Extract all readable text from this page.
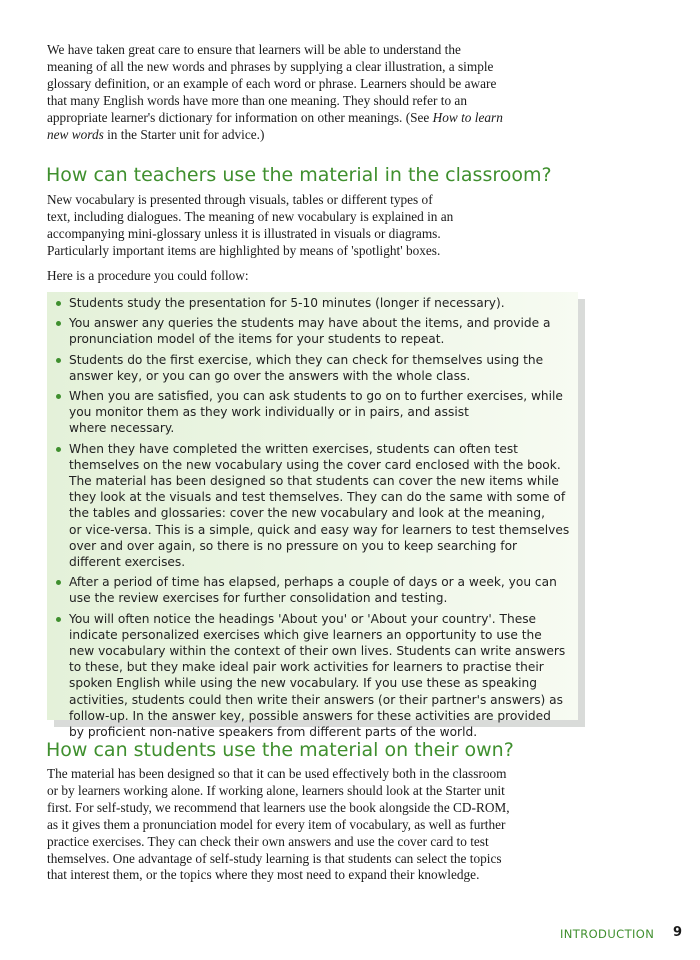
We have taken great care to ensure that learners will be able to understand the
meaning of all the new words and phrases by supplying a clear illustration, a simple
glossary definition, or an example of each word or phrase. Learners should be aware
that many English words have more than one meaning. They should refer to an
appropriate learner's dictionary for information on other meanings. (See How to learn
new words in the Starter unit for advice.)
How can teachers use the material in the classroom?
New vocabulary is presented through visuals, tables or different types of
text, including dialogues. The meaning of new vocabulary is explained in an
accompanying mini-glossary unless it is illustrated in visuals or diagrams.
Particularly important items are highlighted by means of 'spotlight' boxes.
Here is a procedure you could follow:
Students study the presentation for 5-10 minutes (longer if necessary).
You answer any queries the students may have about the items, and provide a
pronunciation model of the items for your students to repeat.
Students do the first exercise, which they can check for themselves using the
answer key, or you can go over the answers with the whole class.
When you are satisfied, you can ask students to go on to further exercises, while
you monitor them as they work individually or in pairs, and assist
where necessary.
When they have completed the written exercises, students can often test
themselves on the new vocabulary using the cover card enclosed with the book.
The material has been designed so that students can cover the new items while
they look at the visuals and test themselves. They can do the same with some of
the tables and glossaries: cover the new vocabulary and look at the meaning,
or vice-versa. This is a simple, quick and easy way for learners to test themselves
over and over again, so there is no pressure on you to keep searching for
different exercises.
After a period of time has elapsed, perhaps a couple of days or a week, you can
use the review exercises for further consolidation and testing.
You will often notice the headings 'About you' or 'About your country'. These
indicate personalized exercises which give learners an opportunity to use the
new vocabulary within the context of their own lives. Students can write answers
to these, but they make ideal pair work activities for learners to practise their
spoken English while using the new vocabulary. If you use these as speaking
activities, students could then write their answers (or their partner's answers) as
follow-up. In the answer key, possible answers for these activities are provided
by proficient non-native speakers from different parts of the world.
How can students use the material on their own?
The material has been designed so that it can be used effectively both in the classroom
or by learners working alone. If working alone, learners should look at the Starter unit
first. For self-study, we recommend that learners use the book alongside the CD-ROM,
as it gives them a pronunciation model for every item of vocabulary, as well as further
practice exercises. They can check their own answers and use the cover card to test
themselves. One advantage of self-study learning is that students can select the topics
that interest them, or the topics where they most need to expand their knowledge.
INTRODUCTION 9
